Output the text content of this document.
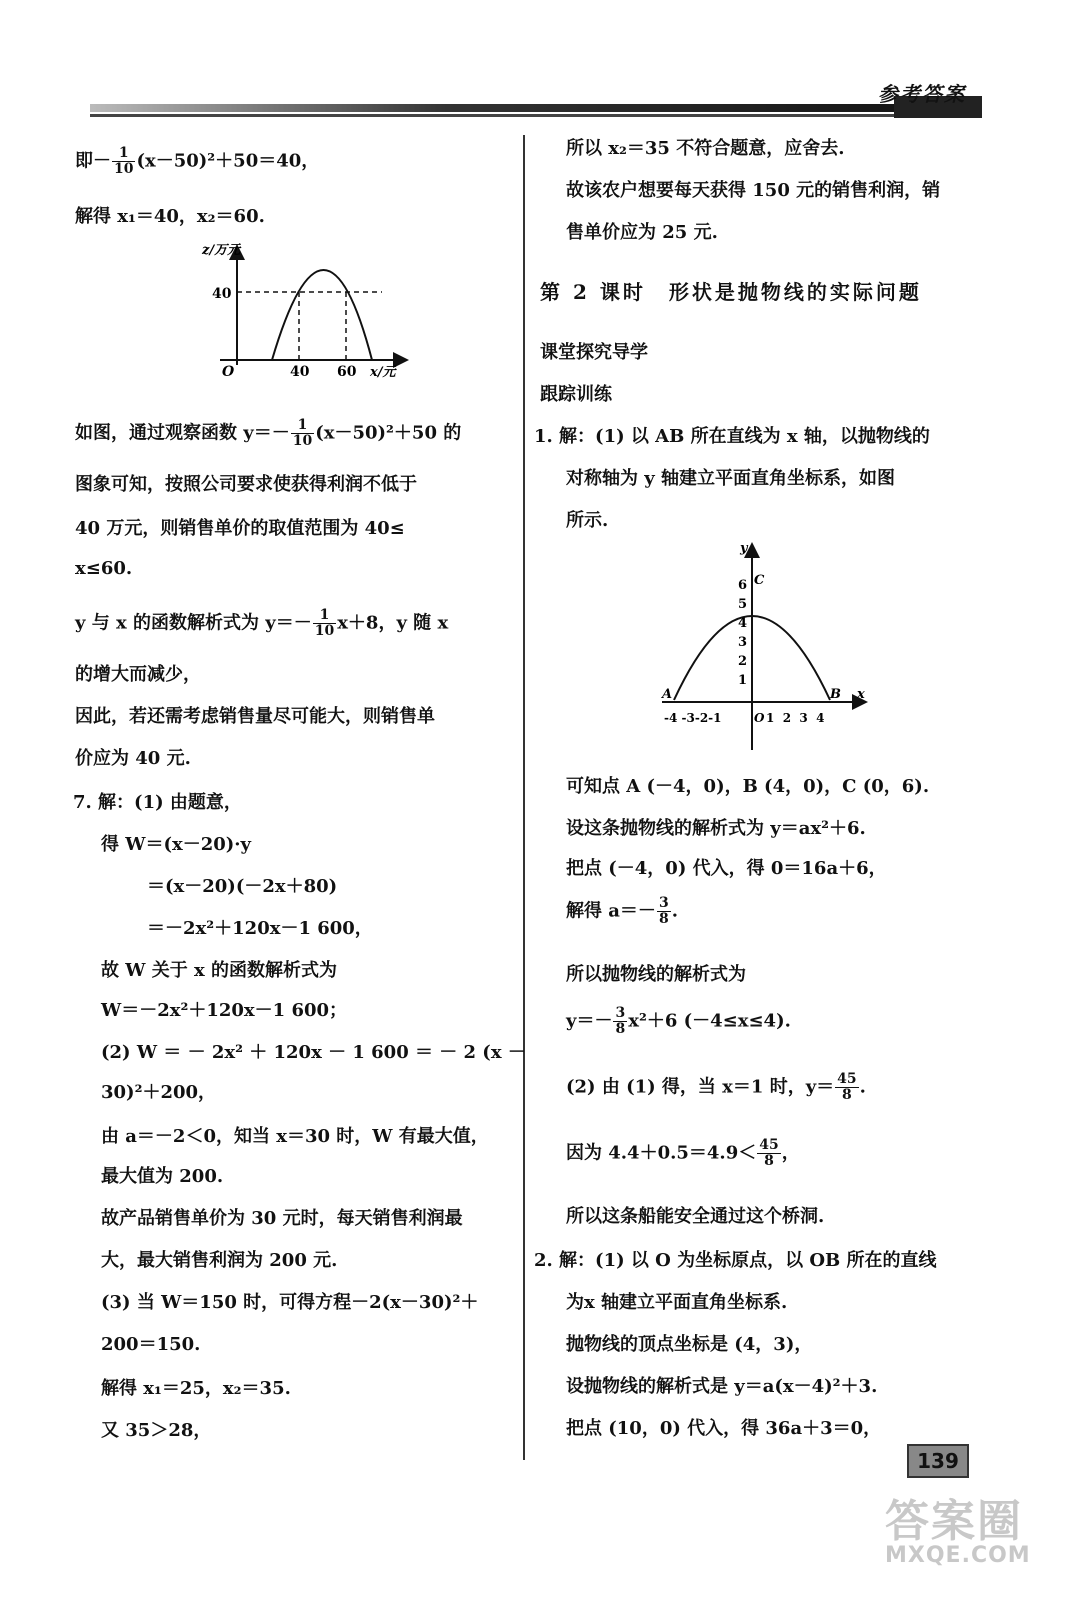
参考答案
即－ $\frac{1}{10} (x-50)^2+50=40$，
解得 x₁＝40，x₂＝60.
z/万元
40
O	40 60 x/元
如图，通过观察函数 $y=- \frac{1}{10} (x-50)^2+50$ 的
图象可知，按照公司要求使获得利润不低于
40 万元，则销售单价的取值范围为 40≤
x≤60.
y 与 x 的函数解析式为 $y=- \frac{1}{10} x+8$，y 随 x
的增大而减少，
因此，若还需考虑销售量尽可能大，则销售单
价应为 40 元.
7. 解：(1) 由题意，
得 W＝(x－20)·y
＝(x－20)(－2x＋80)
＝－2x²＋120x－1 600，
故 W 关于 x 的函数解析式为
W＝－2x²＋120x－1 600；
(2) W ＝ － 2x² ＋ 120x － 1 600 ＝ － 2 (x －
30)²＋200，
由 a＝－2＜0，知当 x＝30 时，W 有最大值，
最大值为 200.
故产品销售单价为 30 元时，每天销售利润最
大，最大销售利润为 200 元.
(3) 当 W＝150 时，可得方程－2(x－30)²＋
200＝150.
解得 x₁＝25，x₂＝35.
又 35＞28，
所以 x₂＝35 不符合题意，应舍去.
故该农户想要每天获得 150 元的销售利润，销
售单价应为 25 元.
第 2 课时　形状是抛物线的实际问题
课堂探究导学
跟踪训练
1. 解：(1) 以 AB 所在直线为 x 轴，以抛物线的
对称轴为 y 轴建立平面直角坐标系，如图
所示.
y
x
1
2
3
4
5
6
-4 -3-2-1	O 1  2  3  4
A	B
C
可知点 A (－4，0)，B (4，0)，C (0，6).
设这条抛物线的解析式为 y＝ax²＋6.
把点 (－4，0) 代入，得 0＝16a＋6，
解得 $a=- \frac{3}{8}$ .
所以抛物线的解析式为
$y=- \frac{3}{8} x^2+6$ (－4≤x≤4).
(2) 由 (1) 得，当 x＝1 时，$y= \frac{45}{8}$ .
因为 $4.4+0.5=4.9< \frac{45}{8}$ ，
所以这条船能安全通过这个桥洞.
2. 解：(1) 以 O 为坐标原点，以 OB 所在的直线
为x 轴建立平面直角坐标系.
抛物线的顶点坐标是 (4，3)，
设抛物线的解析式是 y＝a(x－4)²＋3.
把点 (10，0) 代入，得 36a＋3＝0，
139
答案圈
MXQE.COM
